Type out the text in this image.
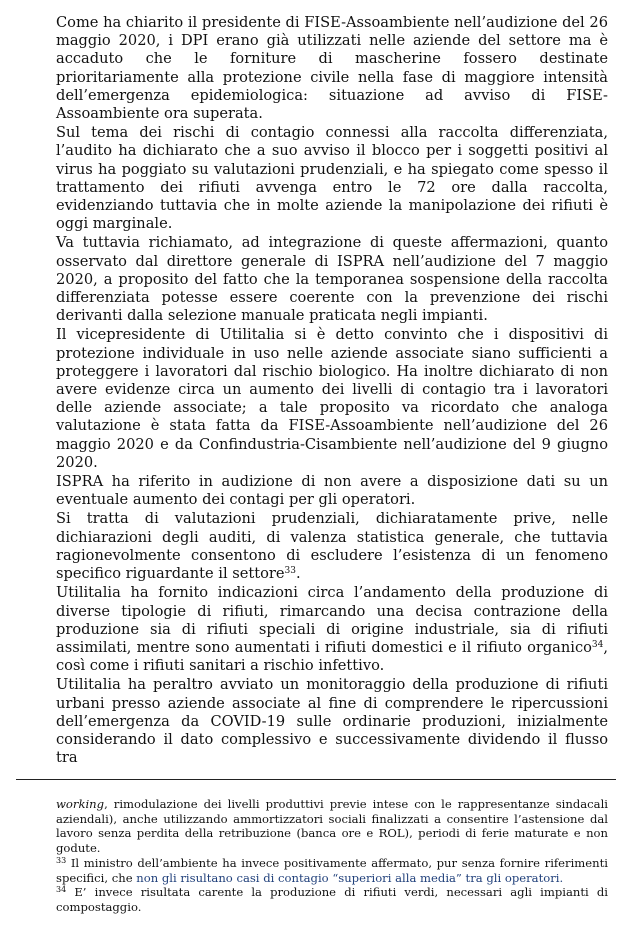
Come ha chiarito il presidente di FISE-Assoambiente nell’audizione del 26 maggio 2020, i DPI erano già utilizzati nelle aziende del settore ma è accaduto che le forniture di mascherine fossero destinate prioritariamente alla protezione civile nella fase di maggiore intensità dell’emergenza epidemiologica: situazione ad avviso di FISE-Assoambiente ora superata.

Sul tema dei rischi di contagio connessi alla raccolta differenziata, l’audito ha dichiarato che a suo avviso il blocco per i soggetti positivi al virus ha poggiato su valutazioni prudenziali, e ha spiegato come spesso il trattamento dei rifiuti avvenga entro le 72 ore dalla raccolta, evidenziando tuttavia che in molte aziende la manipolazione dei rifiuti è oggi marginale.

Va tuttavia richiamato, ad integrazione di queste affermazioni, quanto osservato dal direttore generale di ISPRA nell’audizione del 7 maggio 2020, a proposito del fatto che la temporanea sospensione della raccolta differenziata potesse essere coerente con la prevenzione dei rischi derivanti dalla selezione manuale praticata negli impianti.

Il vicepresidente di Utilitalia si è detto convinto che i dispositivi di protezione individuale in uso nelle aziende associate siano sufficienti a proteggere i lavoratori dal rischio biologico. Ha inoltre dichiarato di non avere evidenze circa un aumento dei livelli di contagio tra i lavoratori delle aziende associate; a tale proposito va ricordato che analoga valutazione è stata fatta da FISE-Assoambiente nell’audizione del 26 maggio 2020 e da Confindustria-Cisambiente nell’audizione del 9 giugno 2020.

ISPRA ha riferito in audizione di non avere a disposizione dati su un eventuale aumento dei contagi per gli operatori.

Si tratta di valutazioni prudenziali, dichiaratamente prive, nelle dichiarazioni degli auditi, di valenza statistica generale, che tuttavia ragionevolmente consentono di escludere l’esistenza di un fenomeno specifico riguardante il settore$^{33}$.

Utilitalia ha fornito indicazioni circa l’andamento della produzione di diverse tipologie di rifiuti, rimarcando una decisa contrazione della produzione sia di rifiuti speciali di origine industriale, sia di rifiuti assimilati, mentre sono aumentati i rifiuti domestici e il rifiuto organico$^{34}$, così come i rifiuti sanitari a rischio infettivo.

Utilitalia ha peraltro avviato un monitoraggio della produzione di rifiuti urbani presso aziende associate al fine di comprendere le ripercussioni dell’emergenza da COVID-19 sulle ordinarie produzioni, inizialmente considerando il dato complessivo e successivamente dividendo il flusso tra

working, rimodulazione dei livelli produttivi previe intese con le rappresentanze sindacali aziendali), anche utilizzando ammortizzatori sociali finalizzati a consentire l’astensione dal lavoro senza perdita della retribuzione (banca ore e ROL), periodi di ferie maturate e non godute.

$^{33}$ Il ministro dell’ambiente ha invece positivamente affermato, pur senza fornire riferimenti specifici, che non gli risultano casi di contagio “superiori alla media” tra gli operatori.

$^{34}$ E’ invece risultata carente la produzione di rifiuti verdi, necessari agli impianti di compostaggio.
